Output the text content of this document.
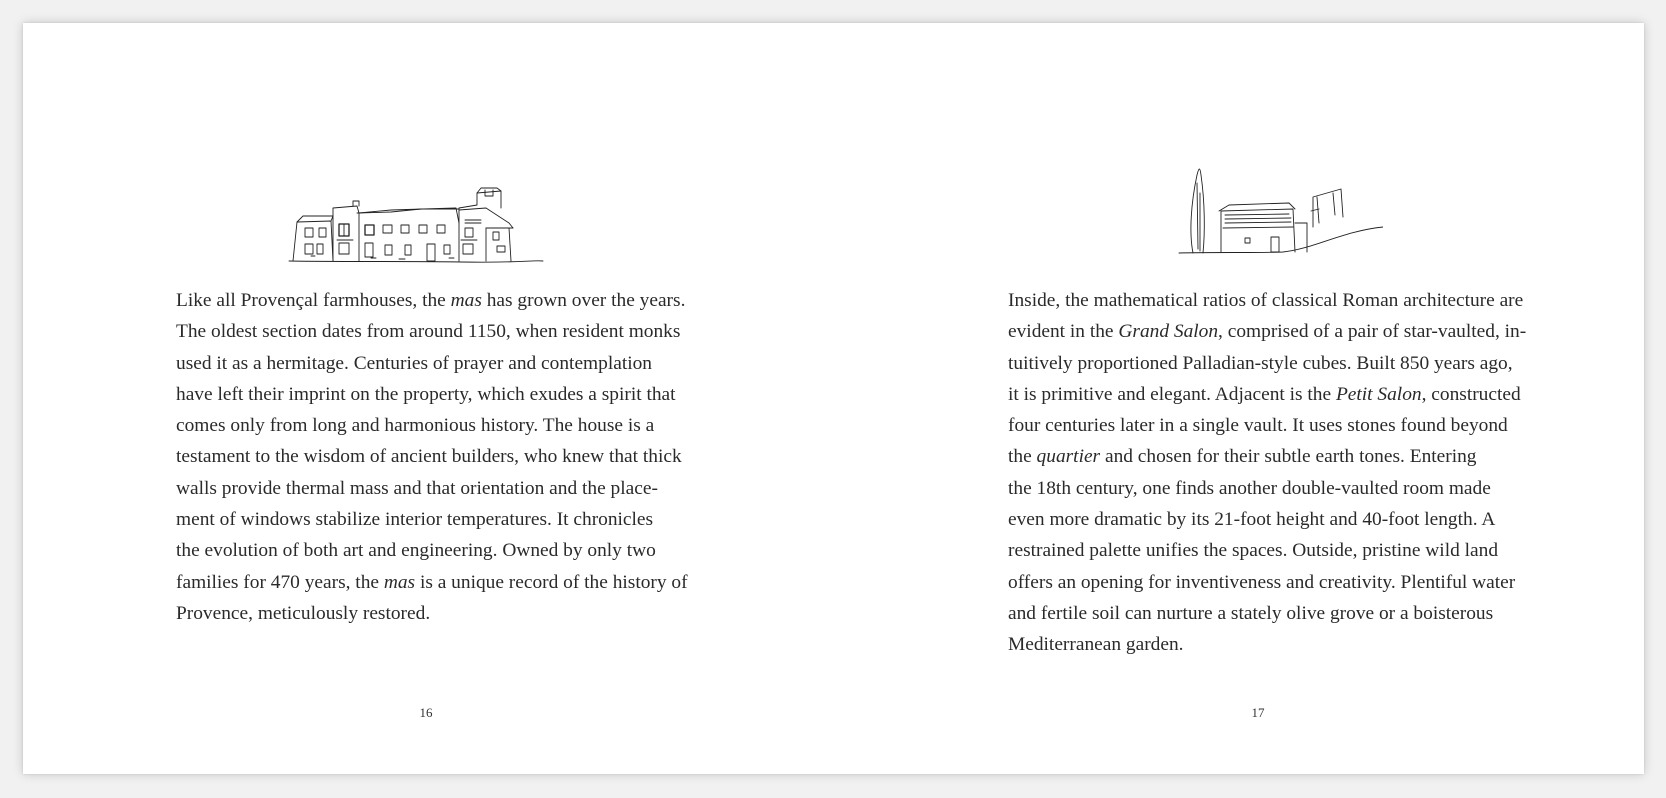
Like all Provençal farmhouses, the mas has grown over the years.
The oldest section dates from around 1150, when resident monks
used it as a hermitage. Centuries of prayer and contemplation
have left their imprint on the property, which exudes a spirit that
comes only from long and harmonious history. The house is a
testament to the wisdom of ancient builders, who knew that thick
walls provide thermal mass and that orientation and the place-
ment of windows stabilize interior temperatures. It chronicles
the evolution of both art and engineering. Owned by only two
families for 470 years, the mas is a unique record of the history of
Provence, meticulously restored.

16

Inside, the mathematical ratios of classical Roman architecture are
evident in the Grand Salon, comprised of a pair of star-vaulted, in-
tuitively proportioned Palladian-style cubes. Built 850 years ago,
it is primitive and elegant. Adjacent is the Petit Salon, constructed
four centuries later in a single vault. It uses stones found beyond
the quartier and chosen for their subtle earth tones. Entering
the 18th century, one finds another double-vaulted room made
even more dramatic by its 21-foot height and 40-foot length. A
restrained palette unifies the spaces. Outside, pristine wild land
offers an opening for inventiveness and creativity. Plentiful water
and fertile soil can nurture a stately olive grove or a boisterous
Mediterranean garden.

17
